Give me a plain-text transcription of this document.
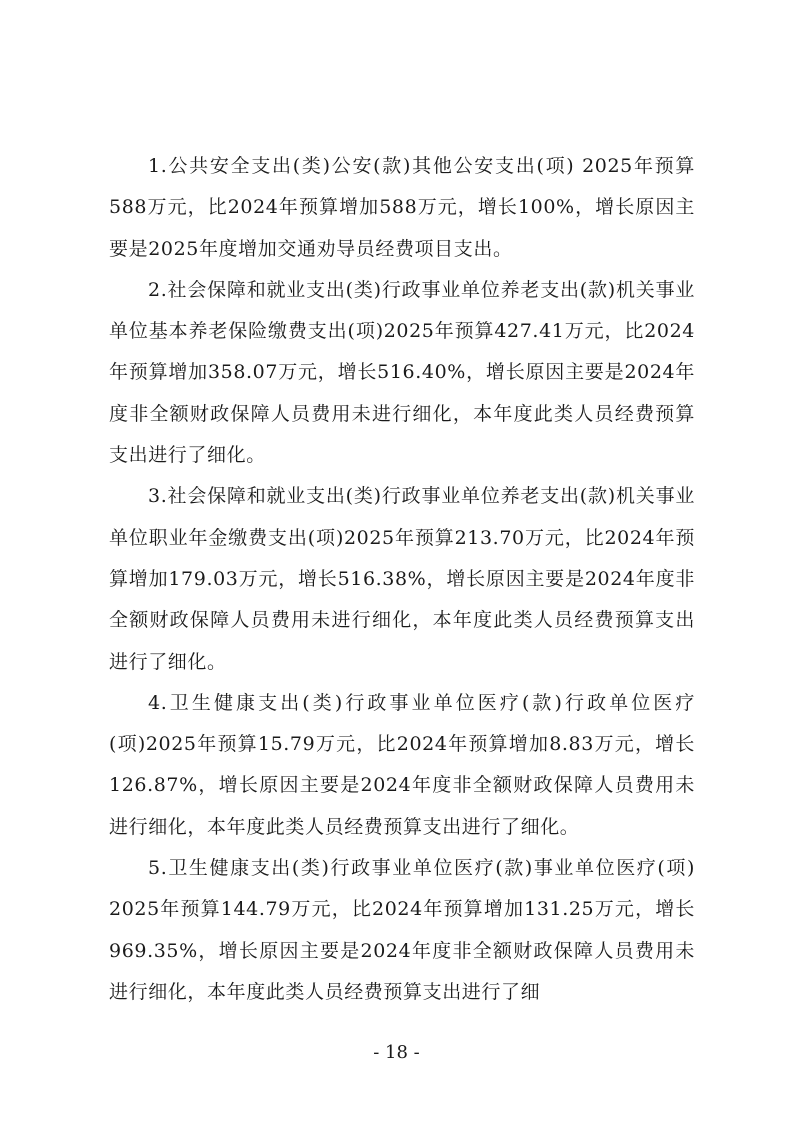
1.公共安全支出(类)公安(款)其他公安支出(项) 2025年预算588万元，比2024年预算增加588万元，增长100%，增长原因主要是2025年度增加交通劝导员经费项目支出。

2.社会保障和就业支出(类)行政事业单位养老支出(款)机关事业单位基本养老保险缴费支出(项)2025年预算427.41万元，比2024年预算增加358.07万元，增长516.40%，增长原因主要是2024年度非全额财政保障人员费用未进行细化，本年度此类人员经费预算支出进行了细化。

3.社会保障和就业支出(类)行政事业单位养老支出(款)机关事业单位职业年金缴费支出(项)2025年预算213.70万元，比2024年预算增加179.03万元，增长516.38%，增长原因主要是2024年度非全额财政保障人员费用未进行细化，本年度此类人员经费预算支出进行了细化。

4.卫生健康支出(类)行政事业单位医疗(款)行政单位医疗(项)2025年预算15.79万元，比2024年预算增加8.83万元，增长126.87%，增长原因主要是2024年度非全额财政保障人员费用未进行细化，本年度此类人员经费预算支出进行了细化。

5.卫生健康支出(类)行政事业单位医疗(款)事业单位医疗(项) 2025年预算144.79万元，比2024年预算增加131.25万元，增长969.35%，增长原因主要是2024年度非全额财政保障人员费用未进行细化，本年度此类人员经费预算支出进行了细

- 18 -
